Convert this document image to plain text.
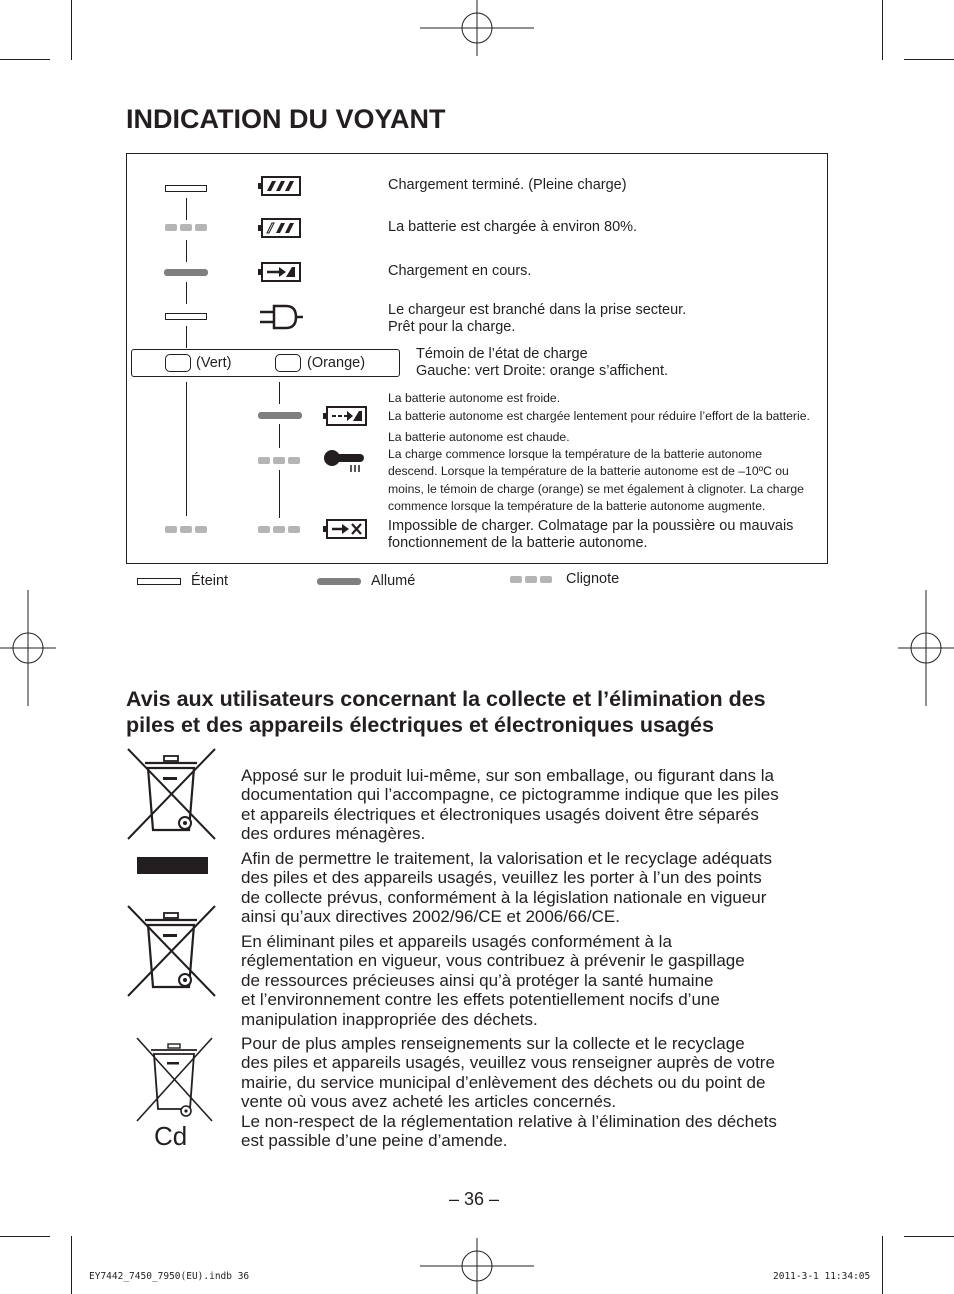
INDICATION DU VOYANT
Chargement terminé. (Pleine charge)
La batterie est chargée à environ 80%.
Chargement en cours.
Le chargeur est branché dans la prise secteur.
Prêt pour la charge.
(Vert)	(Orange)
Témoin de l’état de charge
Gauche: vert Droite: orange s’affichent.
La batterie autonome est froide.
La batterie autonome est chargée lentement pour réduire l’effort de la batterie.
La batterie autonome est chaude.
La charge commence lorsque la température de la batterie autonome
descend. Lorsque la température de la batterie autonome est de –10ºC ou
moins, le témoin de charge (orange) se met également à clignoter. La charge
commence lorsque la température de la batterie autonome augmente.
Impossible de charger. Colmatage par la poussière ou mauvais
fonctionnement de la batterie autonome.
Éteint	Allumé	Clignote
Avis aux utilisateurs concernant la collecte et l’élimination des
piles et des appareils électriques et électroniques usagés
Cd
Apposé sur le produit lui-même, sur son emballage, ou figurant dans la
documentation qui l’accompagne, ce pictogramme indique que les piles
et appareils électriques et électroniques usagés doivent être séparés
des ordures ménagères.
Afin de permettre le traitement, la valorisation et le recyclage adéquats
des piles et des appareils usagés, veuillez les porter à l’un des points
de collecte prévus, conformément à la législation nationale en vigueur
ainsi qu’aux directives 2002/96/CE et 2006/66/CE.
En éliminant piles et appareils usagés conformément à la
réglementation en vigueur, vous contribuez à prévenir le gaspillage
de ressources précieuses ainsi qu’à protéger la santé humaine
et l’environnement contre les effets potentiellement nocifs d’une
manipulation inappropriée des déchets.
Pour de plus amples renseignements sur la collecte et le recyclage
des piles et appareils usagés, veuillez vous renseigner auprès de votre
mairie, du service municipal d’enlèvement des déchets ou du point de
vente où vous avez acheté les articles concernés.
Le non-respect de la réglementation relative à l’élimination des déchets
est passible d’une peine d’amende.
– 36 –
EY7442_7450_7950(EU).indb 36	2011-3-1 11:34:05
